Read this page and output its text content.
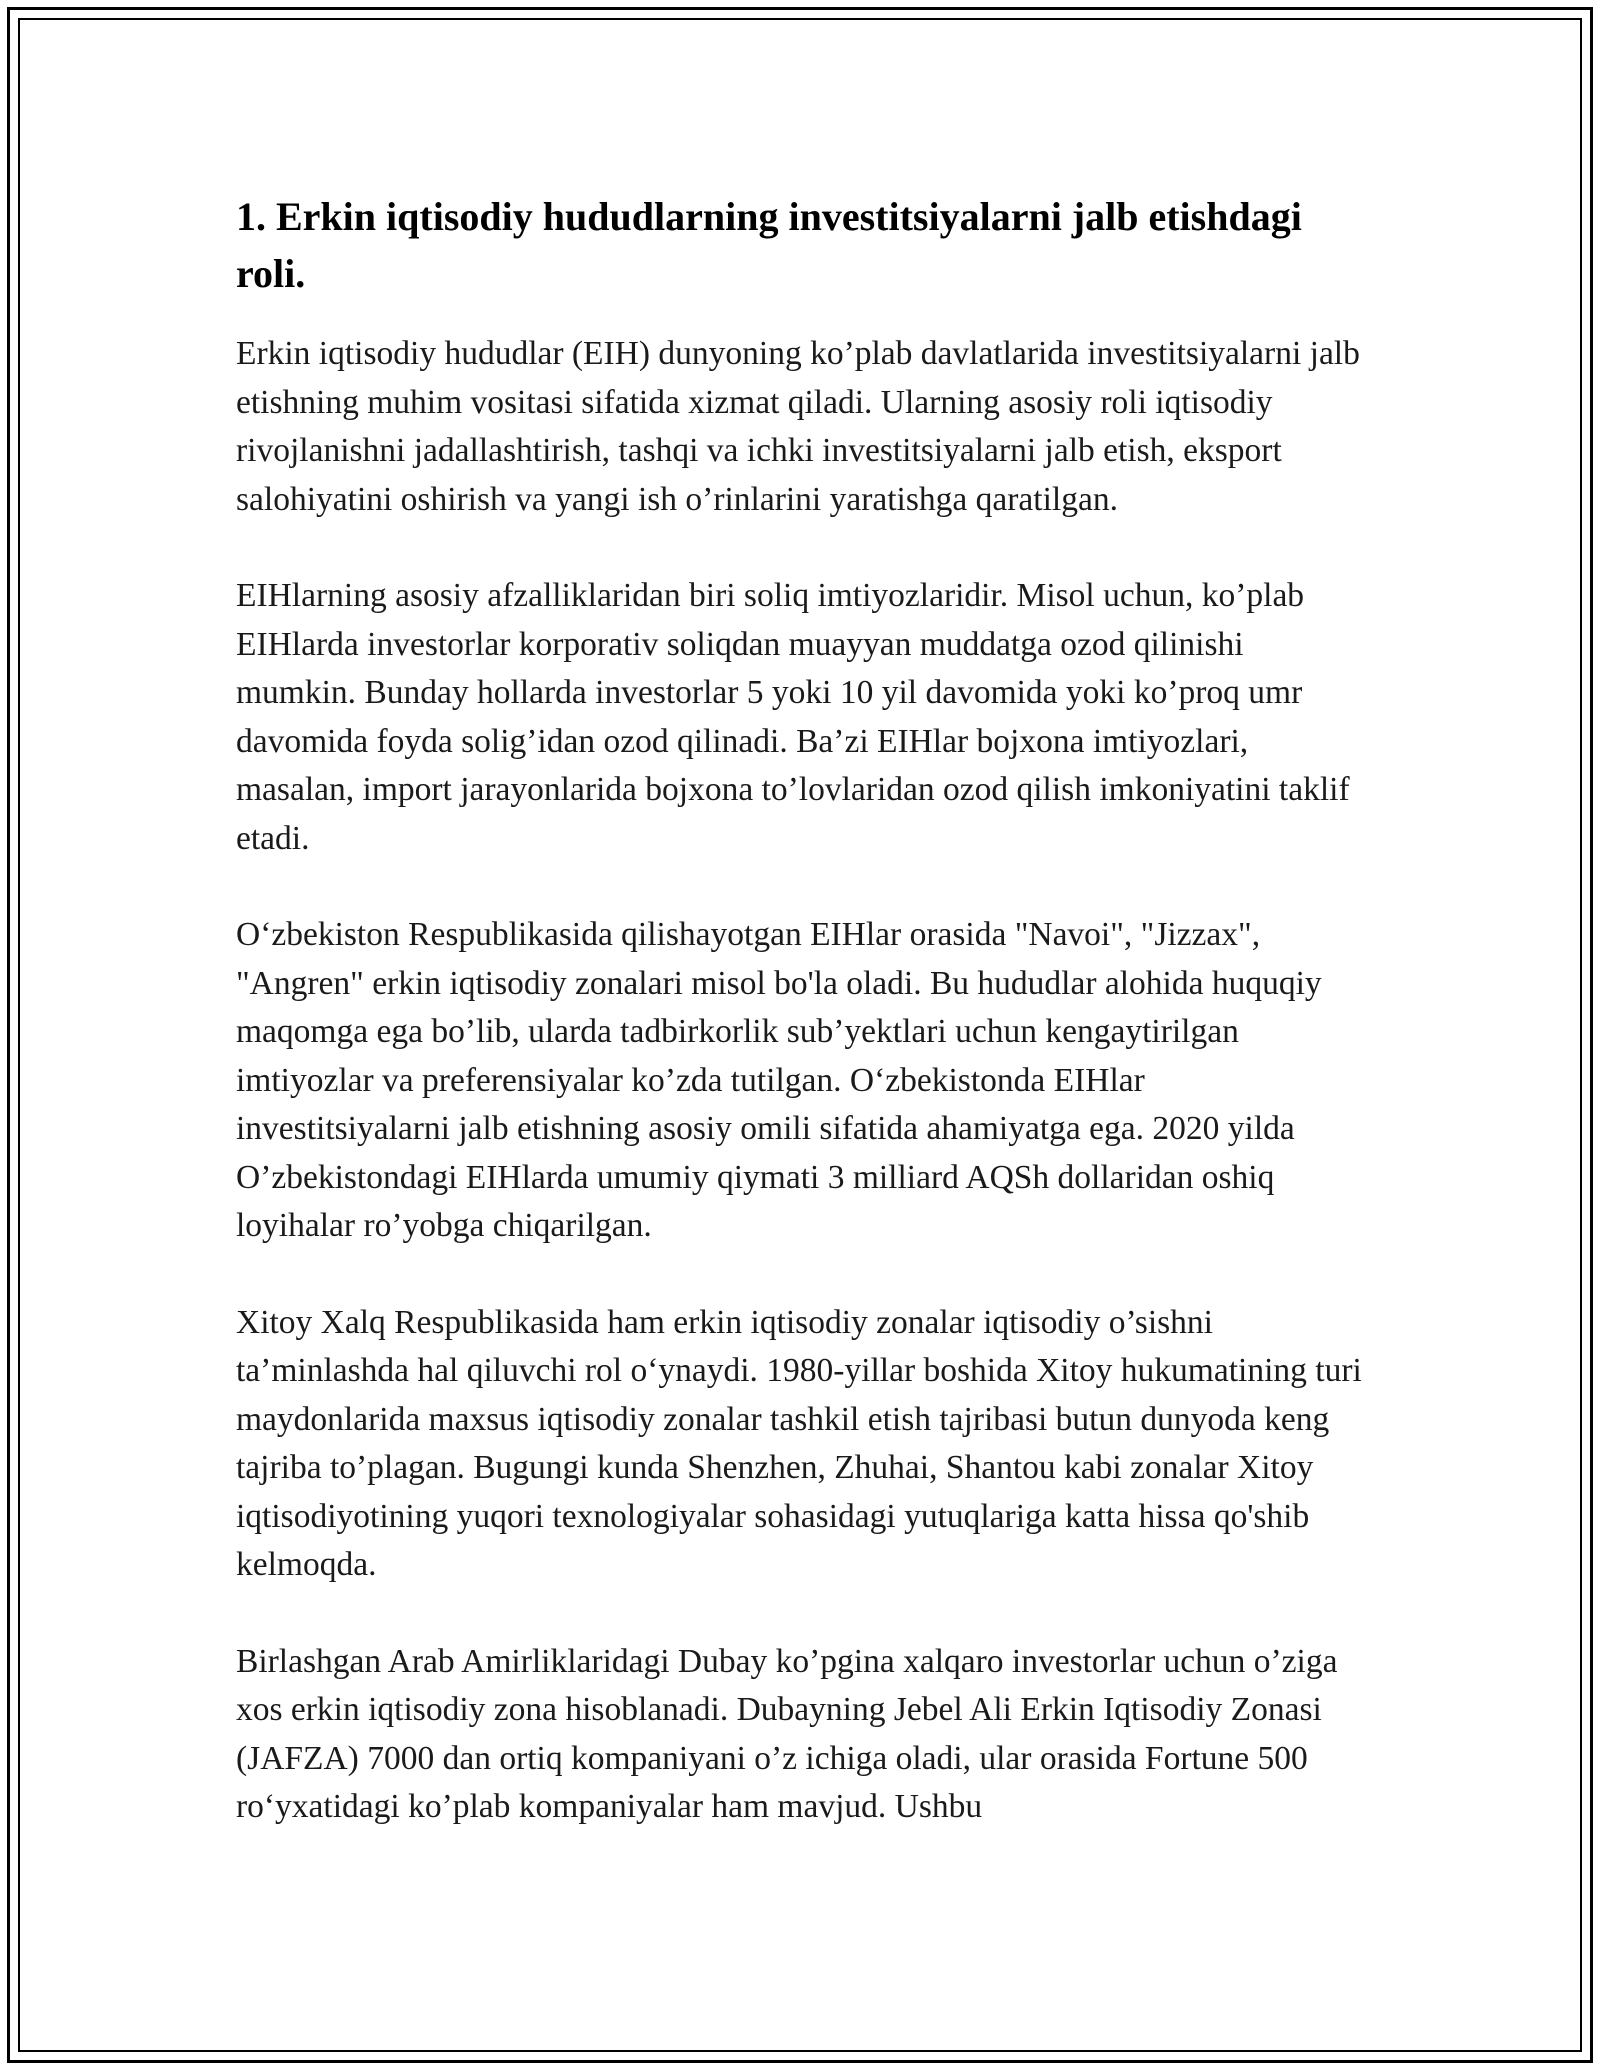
1. Erkin iqtisodiy hududlarning investitsiyalarni jalb etishdagi roli.

Erkin iqtisodiy hududlar (EIH) dunyoning ko’plab davlatlarida investitsiyalarni jalb etishning muhim vositasi sifatida xizmat qiladi. Ularning asosiy roli iqtisodiy rivojlanishni jadallashtirish, tashqi va ichki investitsiyalarni jalb etish, eksport salohiyatini oshirish va yangi ish o’rinlarini yaratishga qaratilgan.

EIHlarning asosiy afzalliklaridan biri soliq imtiyozlaridir. Misol uchun, ko’plab EIHlarda investorlar korporativ soliqdan muayyan muddatga ozod qilinishi mumkin. Bunday hollarda investorlar 5 yoki 10 yil davomida yoki ko’proq umr davomida foyda solig’idan ozod qilinadi. Ba’zi EIHlar bojxona imtiyozlari, masalan, import jarayonlarida bojxona to’lovlaridan ozod qilish imkoniyatini taklif etadi.

O‘zbekiston Respublikasida qilishayotgan EIHlar orasida "Navoi", "Jizzax", "Angren" erkin iqtisodiy zonalari misol bo'la oladi. Bu hududlar alohida huquqiy maqomga ega bo’lib, ularda tadbirkorlik sub’yektlari uchun kengaytirilgan imtiyozlar va preferensiyalar ko’zda tutilgan. O‘zbekistonda EIHlar investitsiyalarni jalb etishning asosiy omili sifatida ahamiyatga ega. 2020 yilda O’zbekistondagi EIHlarda umumiy qiymati 3 milliard AQSh dollaridan oshiq loyihalar ro’yobga chiqarilgan.

Xitoy Xalq Respublikasida ham erkin iqtisodiy zonalar iqtisodiy o’sishni ta’minlashda hal qiluvchi rol o‘ynaydi. 1980-yillar boshida Xitoy hukumatining turi maydonlarida maxsus iqtisodiy zonalar tashkil etish tajribasi butun dunyoda keng tajriba to’plagan. Bugungi kunda Shenzhen, Zhuhai, Shantou kabi zonalar Xitoy iqtisodiyotining yuqori texnologiyalar sohasidagi yutuqlariga katta hissa qo'shib kelmoqda.

Birlashgan Arab Amirliklaridagi Dubay ko’pgina xalqaro investorlar uchun o’ziga xos erkin iqtisodiy zona hisoblanadi. Dubayning Jebel Ali Erkin Iqtisodiy Zonasi (JAFZA) 7000 dan ortiq kompaniyani o’z ichiga oladi, ular orasida Fortune 500 ro‘yxatidagi ko’plab kompaniyalar ham mavjud. Ushbu
